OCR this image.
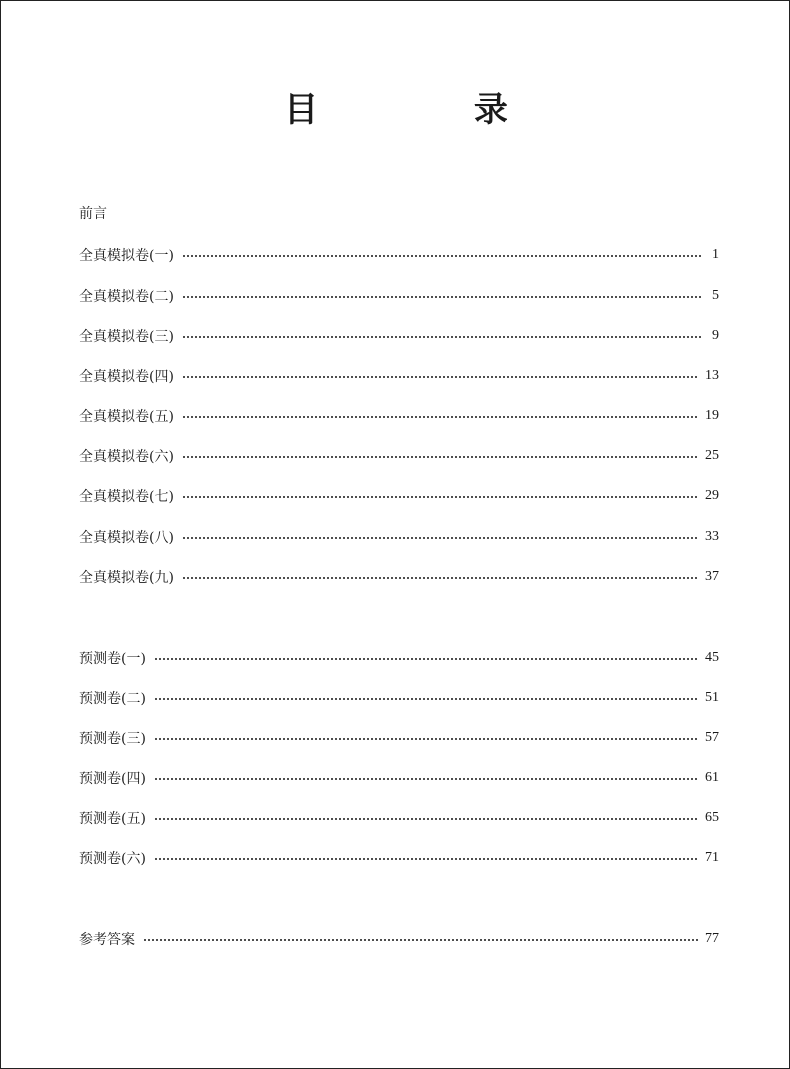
目 录
前言
全真模拟卷(一)	1
全真模拟卷(二)	5
全真模拟卷(三)	9
全真模拟卷(四)	13
全真模拟卷(五)	19
全真模拟卷(六)	25
全真模拟卷(七)	29
全真模拟卷(八)	33
全真模拟卷(九)	37
预测卷(一)	45
预测卷(二)	51
预测卷(三)	57
预测卷(四)	61
预测卷(五)	65
预测卷(六)	71
参考答案	77
